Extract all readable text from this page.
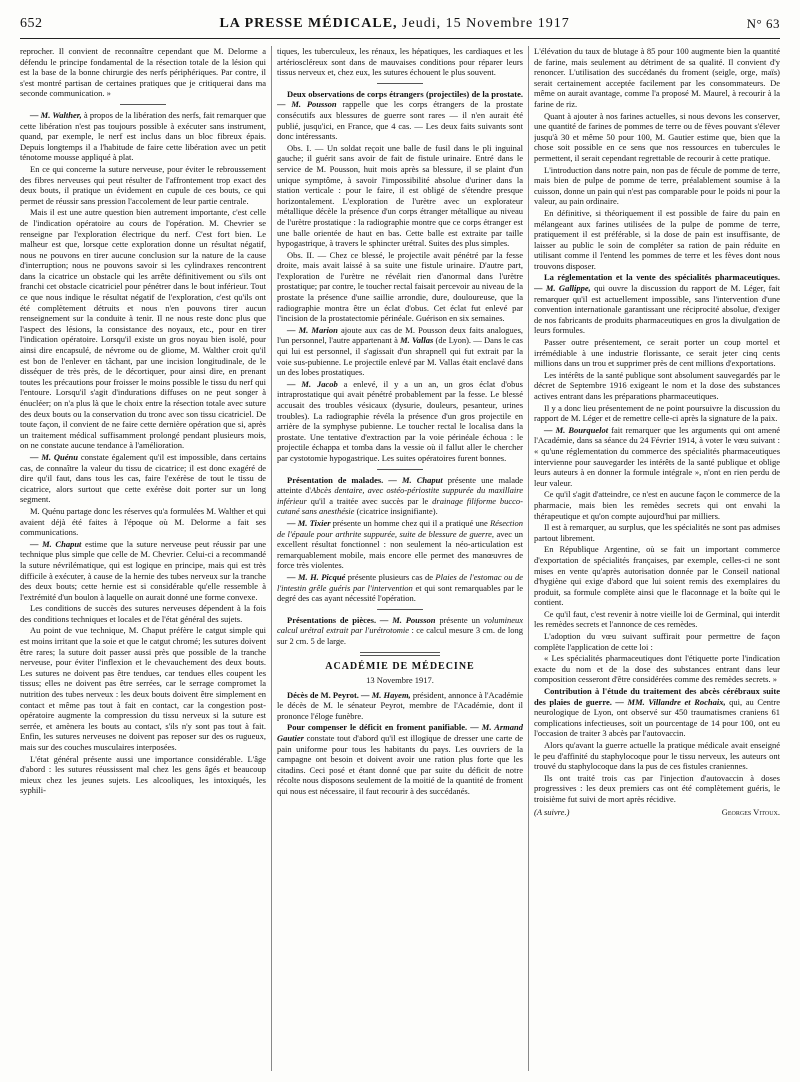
652	LA PRESSE MÉDICALE, Jeudi, 15 Novembre 1917	N° 63

reprocher. Il convient de reconnaître cependant que M. Delorme a défendu le principe fondamental de la résection totale de la lésion qui est la base de la bonne chirurgie des nerfs périphériques. Par contre, il s'est montré partisan de certaines pratiques que je critiquerai dans ma seconde communication. »

— M. Walther, à propos de la libération des nerfs, fait remarquer que cette libération n'est pas toujours possible à exécuter sans instrument, quand, par exemple, le nerf est inclus dans un bloc fibreux épais. Depuis longtemps il a l'habitude de faire cette libération avec un petit ténotome mousse appliqué à plat.

En ce qui concerne la suture nerveuse, pour éviter le rebroussement des fibres nerveuses qui peut résulter de l'affrontement trop exact des deux bouts, il pratique un évidement en cupule de ces bouts, ce qui permet de réussir sans pression l'accolement de leur partie centrale.

Mais il est une autre question bien autrement importante, c'est celle de l'indication opératoire au cours de l'opération. M. Chevrier se renseigne par l'exploration électrique du nerf. C'est fort bien. Le malheur est que, lorsque cette exploration donne un résultat négatif, nous ne pouvons en tirer aucune conclusion sur la nature de la cause d'interruption; nous ne pouvons savoir si les cylindraxes rencontrent dans la cicatrice un obstacle qui les arrête définitivement ou s'ils ont franchi cet obstacle cicatriciel pour pénétrer dans le bout inférieur. Tout ce que nous indique le résultat négatif de l'exploration, c'est qu'ils ont été complètement détruits et nous n'en pouvons tirer aucun renseignement sur la conduite à tenir. Il ne nous reste donc plus que l'aspect des lésions, la consistance des noyaux, etc., pour en tirer l'indication opératoire. Lorsqu'il existe un gros noyau bien isolé, pour ainsi dire encapsulé, de névrome ou de gliome, M. Walther croit qu'il est bon de l'enlever en tâchant, par une incision longitudinale, de le disséquer de très près, de le décortiquer, pour ainsi dire, en prenant toutes les précautions pour froisser le moins possible le tissu du nerf qui l'entoure. Lorsqu'il s'agit d'indurations diffuses on ne peut songer à énucléer; on n'a plus là que le choix entre la résection totale avec suture des deux bouts ou la conservation du tronc avec son tissu cicatriciel. De toute façon, il convient de ne faire cette dernière opération que si, après un traitement médical suffisamment prolongé pendant plusieurs mois, on ne constate aucune tendance à l'amélioration.

— M. Quénu constate également qu'il est impossible, dans certains cas, de connaître la valeur du tissu de cicatrice; il est donc exagéré de dire qu'il faut, dans tous les cas, faire l'exérèse de tout le tissu de cicatrice, alors surtout que cette exérèse doit porter sur un long segment.

M. Quénu partage donc les réserves qu'a formulées M. Walther et qui avaient déjà été faites à l'époque où M. Delorme a fait ses communications.

— M. Chaput estime que la suture nerveuse peut réussir par une technique plus simple que celle de M. Chevrier. Celui-ci a recommandé la suture névrilématique, qui est logique en principe, mais qui est très difficile à exécuter, à cause de la hernie des tubes nerveux sur la tranche des deux bouts; cette hernie est si considérable qu'elle ressemble à l'extrémité d'un boulon à laquelle on aurait donné une forme convexe.

Les conditions de succès des sutures nerveuses dépendent à la fois des conditions techniques et locales et de l'état général des sujets.

Au point de vue technique, M. Chaput préfère le catgut simple qui est moins irritant que la soie et que le catgut chromé; les sutures doivent être rares; la suture doit passer aussi près que possible de la tranche nerveuse, pour éviter l'inflexion et le chevauchement des deux bouts. Les sutures ne doivent pas être tendues, car tendues elles coupent les tissus; elles ne doivent pas être serrées, car le serrage compromet la nutrition des tubes nerveux : les deux bouts doivent être simplement en contact et même pas tout à fait en contact, car la congestion post-opératoire augmente la compression du tissu nerveux si la suture est serrée, et amènera les bouts au contact, s'ils n'y sont pas tout à fait. Enfin, les sutures nerveuses ne doivent pas reposer sur des os rugueux, mais sur des couches musculaires interposées.

L'état général présente aussi une importance considérable. L'âge d'abord : les sutures réussissent mal chez les gens âgés et beaucoup mieux chez les jeunes sujets. Les alcooliques, les intoxiqués, les syphili-

tiques, les tuberculeux, les rénaux, les hépatiques, les cardiaques et les artérioscléreux sont dans de mauvaises conditions pour réparer leurs tissus nerveux et, chez eux, les sutures échouent le plus souvent.

Deux observations de corps étrangers (projectiles) de la prostate. — M. Pousson rappelle que les corps étrangers de la prostate consécutifs aux blessures de guerre sont rares — il n'en aurait été publié, jusqu'ici, en France, que 4 cas. — Les deux faits suivants sont donc intéressants.

Obs. I. — Un soldat reçoit une balle de fusil dans le pli inguinal gauche; il guérit sans avoir de fait de fistule urinaire. Entré dans le service de M. Pousson, huit mois après sa blessure, il se plaint d'un unique symptôme, à savoir l'impossibilité absolue d'uriner dans la station verticale : pour le faire, il est obligé de s'étendre presque horizontalement. L'exploration de l'urètre avec un explorateur métallique décèle la présence d'un corps étranger métallique au niveau de l'urètre prostatique : la radiographie montre que ce corps étranger est une balle orientée de haut en bas. Cette balle est extraite par taille hypogastrique, à travers le sphincter urétral. Suites des plus simples.

Obs. II. — Chez ce blessé, le projectile avait pénétré par la fesse droite, mais avait laissé à sa suite une fistule urinaire. D'autre part, l'exploration de l'urètre ne révélait rien d'anormal dans l'urètre prostatique; par contre, le toucher rectal faisait percevoir au niveau de la prostate la présence d'une saillie arrondie, dure, douloureuse, que la radiographie montra être un éclat d'obus. Cet éclat fut enlevé par l'incision de la prostatectomie périnéale. Guérison en six semaines.

— M. Marion ajoute aux cas de M. Pousson deux faits analogues, l'un personnel, l'autre appartenant à M. Vallas (de Lyon). — Dans le cas qui lui est personnel, il s'agissait d'un shrapnell qui fut extrait par la voie sus-pubienne. Le projectile enlevé par M. Vallas était enclavé dans un des lobes prostatiques.

— M. Jacob a enlevé, il y a un an, un gros éclat d'obus intraprostatique qui avait pénétré probablement par la fesse. Le blessé accusait des troubles vésicaux (dysurie, douleurs, pesanteur, urines troubles). La radiographie révéla la présence d'un gros projectile en arrière de la symphyse pubienne. Le toucher rectal le localisa dans la prostate. Une tentative d'extraction par la voie périnéale échoua : le projectile échappa et tomba dans la vessie où il fallut aller le chercher par cystotomie hypogastrique. Les suites opératoires furent bonnes.

Présentation de malades. — M. Chaput présente une malade atteinte d'Abcès dentaire, avec ostéo-périostite suppurée du maxillaire inférieur qu'il a traitée avec succès par le drainage filiforme bucco-cutané sans anesthésie (cicatrice insignifiante).

— M. Tixier présente un homme chez qui il a pratiqué une Résection de l'épaule pour arthrite suppurée, suite de blessure de guerre, avec un excellent résultat fonctionnel : non seulement la néo-articulation est remarquablement mobile, mais encore elle permet des manœuvres de force très violentes.

— M. H. Picqué présente plusieurs cas de Plaies de l'estomac ou de l'intestin grêle guéris par l'intervention et qui sont remarquables par le degré des cas ayant nécessité l'opération.

Présentations de pièces. — M. Pousson présente un volumineux calcul urétral extrait par l'urétrotomie : ce calcul mesure 3 cm. de long sur 2 cm. 5 de large.

ACADÉMIE DE MÉDECINE
13 Novembre 1917.

Décès de M. Peyrot. — M. Hayem, président, annonce à l'Académie le décès de M. le sénateur Peyrot, membre de l'Académie, dont il prononce l'éloge funèbre.

Pour compenser le déficit en froment panifiable. — M. Armand Gautier constate tout d'abord qu'il est illogique de dresser une carte de pain uniforme pour tous les habitants du pays. Les ouvriers de la campagne ont besoin et doivent avoir une ration plus forte que les citadins. Ceci posé et étant donné que par suite du déficit de notre récolte nous disposons seulement de la moitié de la quantité de froment qui nous est nécessaire, il faut recourir à des succédanés.

L'élévation du taux de blutage à 85 pour 100 augmente bien la quantité de farine, mais seulement au détriment de sa qualité. Il convient d'y renoncer. L'utilisation des succédanés du froment (seigle, orge, maïs) serait certainement acceptée facilement par les consommateurs. De même on aurait avantage, comme l'a proposé M. Maurel, à recourir à la farine de riz.

Quant à ajouter à nos farines actuelles, si nous devons les conserver, une quantité de farines de pommes de terre ou de fèves pouvant s'élever jusqu'à 30 et même 50 pour 100, M. Gautier estime que, bien que la chose soit possible en ce sens que nos ressources en tubercules le permettent, il serait cependant regrettable de recourir à cette pratique.

L'introduction dans notre pain, non pas de fécule de pomme de terre, mais bien de pulpe de pomme de terre, préalablement soumise à la cuisson, donne un pain qui n'est pas comparable pour le poids ni pour la valeur, au pain ordinaire.

En définitive, si théoriquement il est possible de faire du pain en mélangeant aux farines utilisées de la pulpe de pomme de terre, pratiquement il est préférable, si la dose de pain est insuffisante, de laisser au public le soin de compléter sa ration de pain réduite en utilisant comme il l'entend les pommes de terre et les fèves dont nous trouvons disposer.

La réglementation et la vente des spécialités pharmaceutiques. — M. Gallippe, qui ouvre la discussion du rapport de M. Léger, fait remarquer qu'il est actuellement impossible, sans l'intervention d'une convention internationale garantissant une réciprocité absolue, d'exiger de nos fabricants de produits pharmaceutiques en gros la divulgation de leurs formules.

Passer outre présentement, ce serait porter un coup mortel et irrémédiable à une industrie florissante, ce serait jeter cinq cents millions dans un trou et supprimer près de cent millions d'exportations.

Les intérêts de la santé publique sont absolument sauvegardés par le décret de Septembre 1916 exigeant le nom et la dose des substances actives entrant dans les préparations pharmaceutiques.

Il y a donc lieu présentement de ne point poursuivre la discussion du rapport de M. Léger et de remettre celle-ci après la signature de la paix.

— M. Bourquelot fait remarquer que les arguments qui ont amené l'Académie, dans sa séance du 24 Février 1914, à voter le vœu suivant : « qu'une réglementation du commerce des spécialités pharmaceutiques intervienne pour sauvegarder les intérêts de la santé publique et oblige leurs auteurs à en donner la formule intégrale », n'ont en rien perdu de leur valeur.

Ce qu'il s'agit d'atteindre, ce n'est en aucune façon le commerce de la pharmacie, mais bien les remèdes secrets qui ont envahi la thérapeutique et qu'on compte aujourd'hui par milliers.

Il est à remarquer, au surplus, que les spécialités ne sont pas admises partout librement.

En République Argentine, où se fait un important commerce d'exportation de spécialités françaises, par exemple, celles-ci ne sont mises en vente qu'après autorisation donnée par le Conseil national d'hygiène qui exige d'abord que lui soient remis des exemplaires du produit, sa formule complète ainsi que le flaconnage et la boîte qui le contient.

Ce qu'il faut, c'est revenir à notre vieille loi de Germinal, qui interdit les remèdes secrets et l'annonce de ces remèdes.

L'adoption du vœu suivant suffirait pour permettre de façon complète l'application de cette loi :

« Les spécialités pharmaceutiques dont l'étiquette porte l'indication exacte du nom et de la dose des substances entrant dans leur composition cesseront d'être considérées comme des remèdes secrets. »

Contribution à l'étude du traitement des abcès cérébraux suite des plaies de guerre. — MM. Villandre et Rochaix, qui, au Centre neurologique de Lyon, ont observé sur 450 traumatismes craniens 61 complications infectieuses, soit un pourcentage de 14 pour 100, ont eu l'occasion de traiter 3 abcès par l'autovaccin.

Alors qu'avant la guerre actuelle la pratique médicale avait enseigné le peu d'affinité du staphylocoque pour le tissu nerveux, les auteurs ont trouvé du staphylocoque dans la pus de ces fistules craniennes.

Ils ont traité trois cas par l'injection d'autovaccin à doses progressives : les deux premiers cas ont été complètement guéris, le troisième fut suivi de mort après récidive.

(A suivre.)	Georges Vitoux.
